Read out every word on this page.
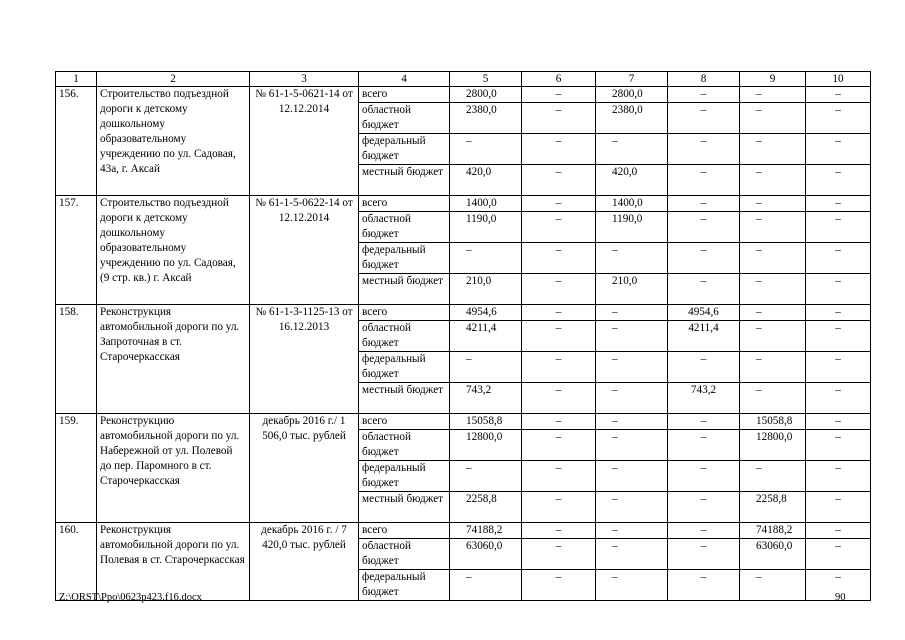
1	2	3	4	5	6	7	8	9	10
156.	Строительство подъездной дороги к детскому дошкольному образовательному учреждению по ул. Садовая, 43а, г. Аксай	№ 61-1-5-0621-14 от 12.12.2014	всего	2800,0	–	2800,0	–	–	–
			областной бюджет	2380,0	–	2380,0	–	–	–
			федеральный бюджет	–	–	–	–	–	–
			местный бюджет	420,0	–	420,0	–	–	–
157.	Строительство подъездной дороги к детскому дошкольному образовательному учреждению по ул. Садовая, (9 стр. кв.) г. Аксай	№ 61-1-5-0622-14 от 12.12.2014	всего	1400,0	–	1400,0	–	–	–
			областной бюджет	1190,0	–	1190,0	–	–	–
			федеральный бюджет	–	–	–	–	–	–
			местный бюджет	210,0	–	210,0	–	–	–
158.	Реконструкция автомобильной дороги по ул. Запроточная в ст. Старочеркасская	№ 61-1-3-1125-13 от 16.12.2013	всего	4954,6	–	–	4954,6	–	–
			областной бюджет	4211,4	–	–	4211,4	–	–
			федеральный бюджет	–	–	–	–	–	–
			местный бюджет	743,2	–	–	743,2	–	–
159.	Реконструкцию автомобильной дороги по ул. Набережной от ул. Полевой до пер. Паромного в ст. Старочеркасская	декабрь 2016 г./ 1 506,0 тыс. рублей	всего	15058,8	–	–	–	15058,8	–
			областной бюджет	12800,0	–	–	–	12800,0	–
			федеральный бюджет	–	–	–	–	–	–
			местный бюджет	2258,8	–	–	–	2258,8	–
160.	Реконструкция автомобильной дороги по ул. Полевая в ст. Старочеркасская	декабрь 2016 г. / 7 420,0 тыс. рублей	всего	74188,2	–	–	–	74188,2	–
			областной бюджет	63060,0	–	–	–	63060,0	–
			федеральный бюджет	–	–	–	–	–	–
Z:\ORST\Ppo\0623p423.f16.docx	90
